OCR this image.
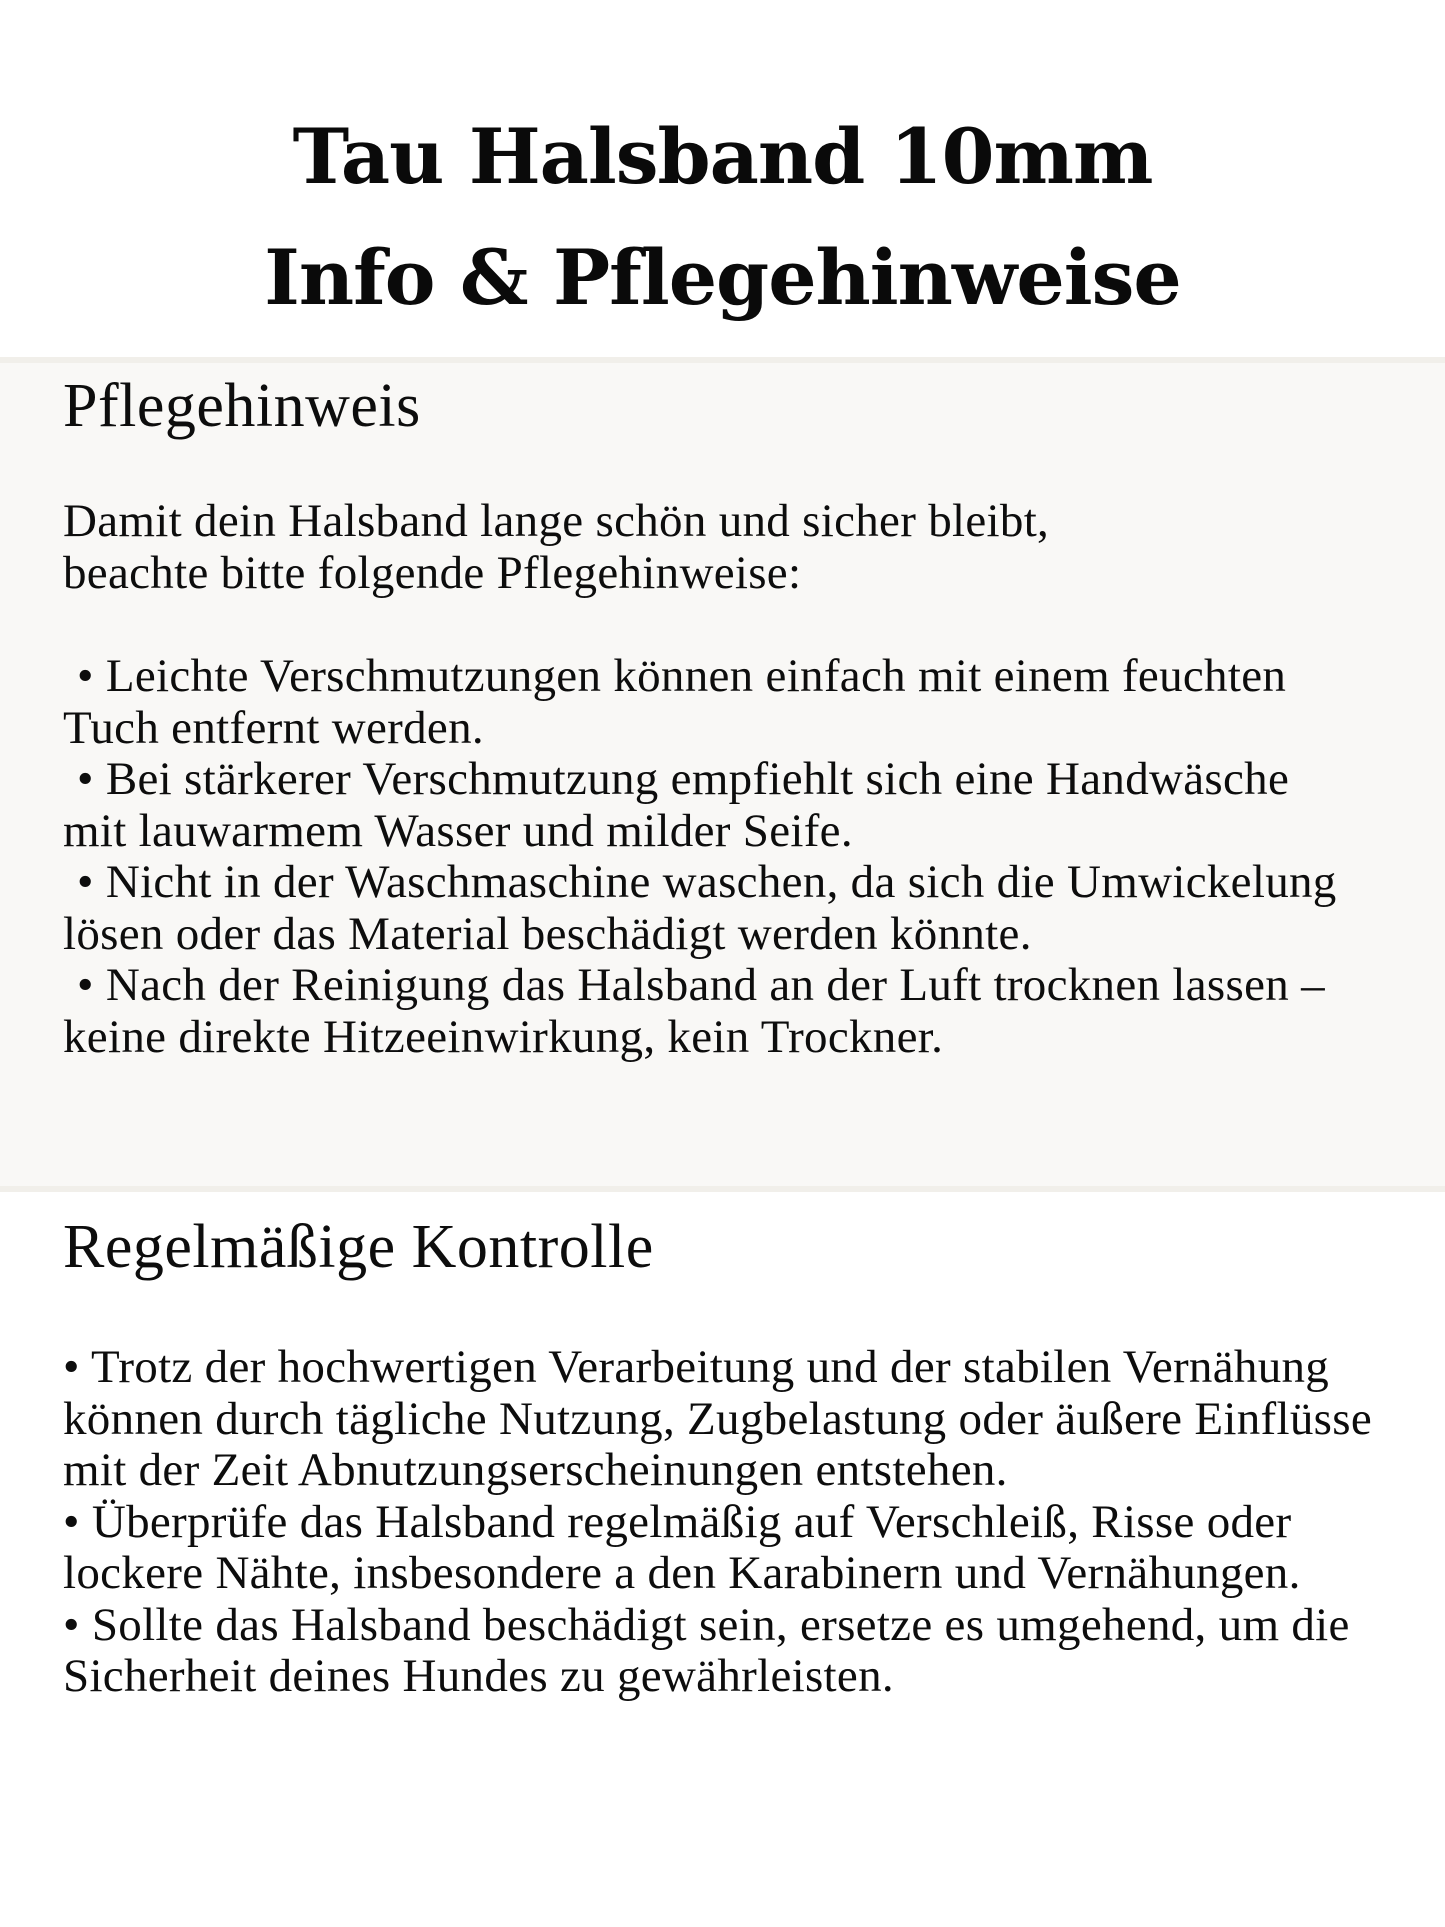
Tau Halsband 10mm
Info & Pflegehinweise
Pflegehinweis

Damit dein Halsband lange schön und sicher bleibt,

beachte bitte folgende Pflegehinweise:

• Leichte Verschmutzungen können einfach mit einem feuchten Tuch entfernt werden.

• Bei stärkerer Verschmutzung empfiehlt sich eine Handwäsche mit lauwarmem Wasser und milder Seife.

• Nicht in der Waschmaschine waschen, da sich die Umwickelung lösen oder das Material beschädigt werden könnte.

• Nach der Reinigung das Halsband an der Luft trocknen lassen – keine direkte Hitzeeinwirkung, kein Trockner.

Regelmäßige Kontrolle

• Trotz der hochwertigen Verarbeitung und der stabilen Vernähung können durch tägliche Nutzung, Zugbelastung oder äußere Einflüsse mit der Zeit Abnutzungserscheinungen entstehen.

• Überprüfe das Halsband regelmäßig auf Verschleiß, Risse oder lockere Nähte, insbesondere a den Karabinern und Vernähungen.

• Sollte das Halsband beschädigt sein, ersetze es umgehend, um die Sicherheit deines Hundes zu gewährleisten.
